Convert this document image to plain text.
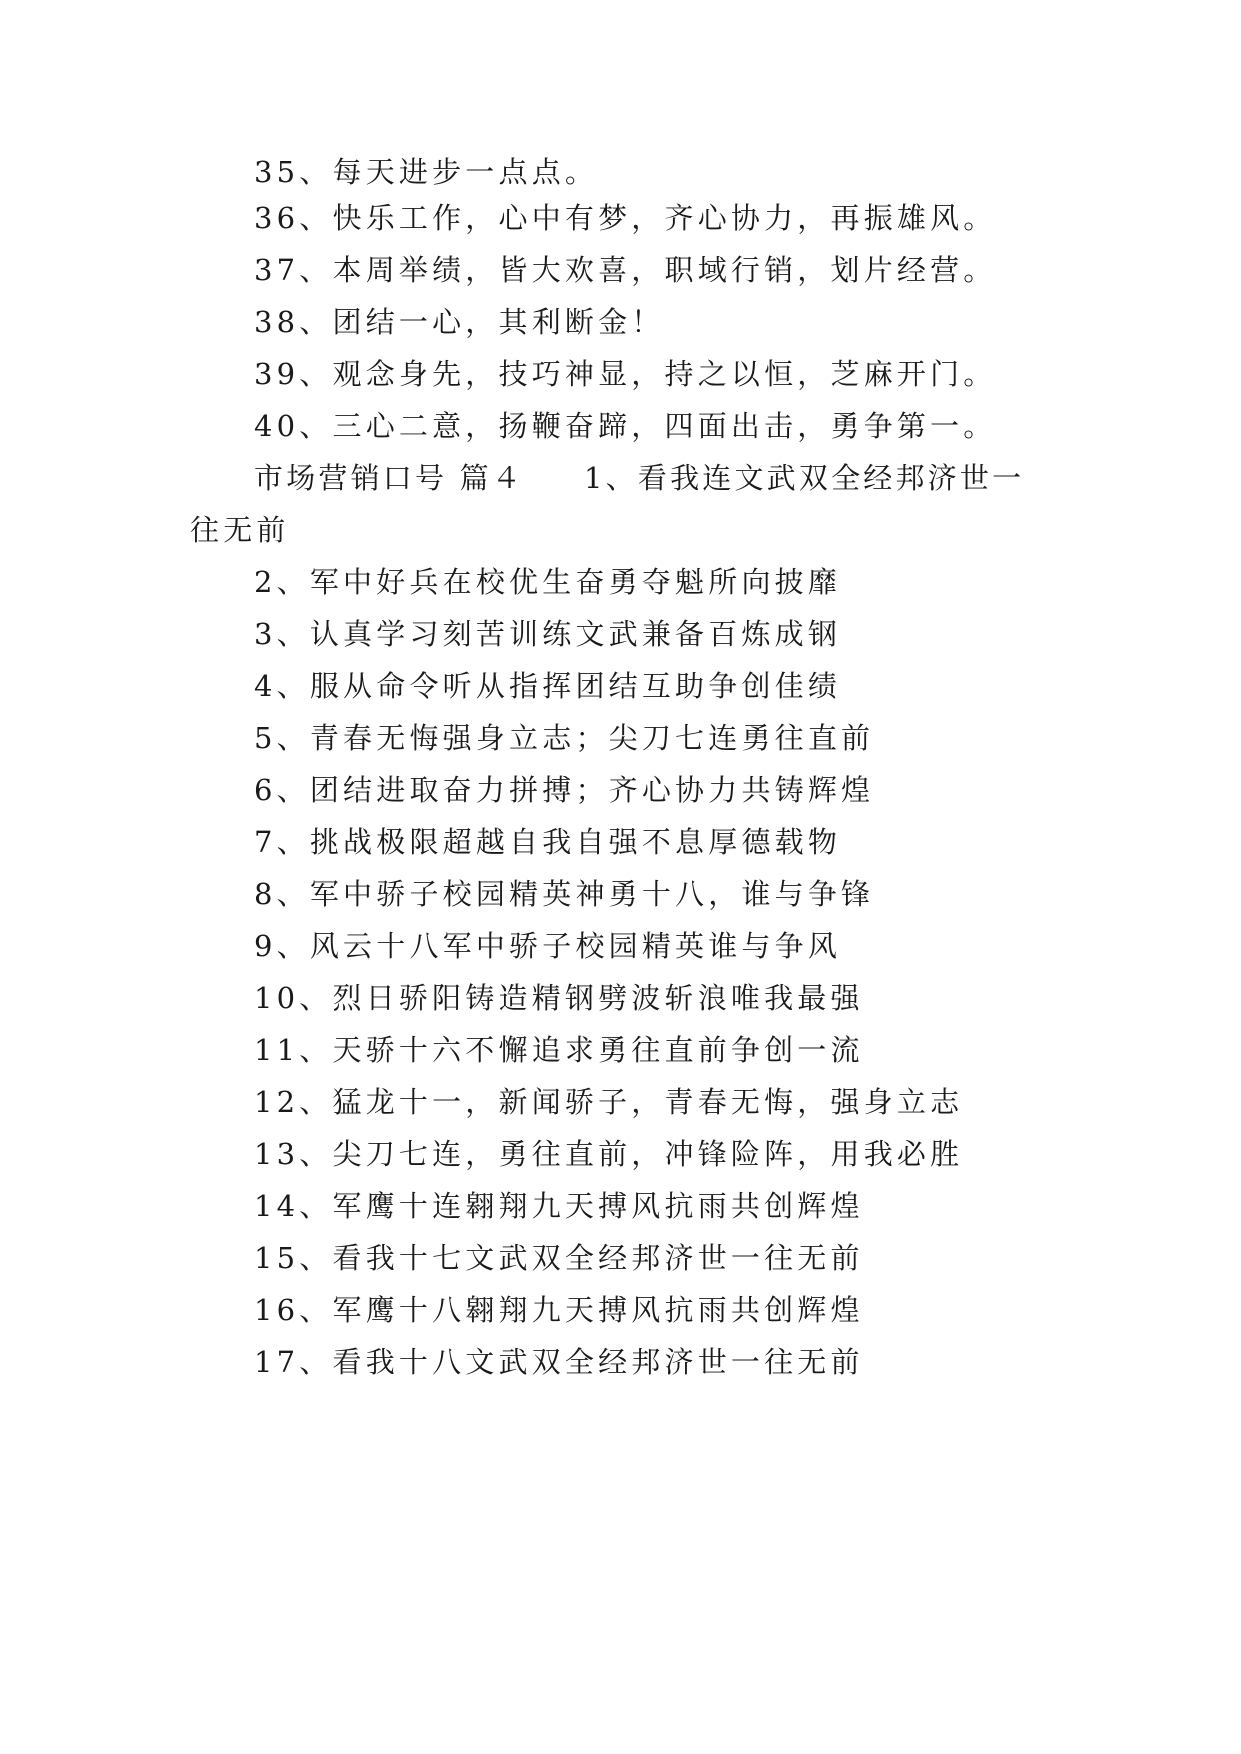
35、每天进步一点点。
36、快乐工作，心中有梦，齐心协力，再振雄风。
37、本周举绩，皆大欢喜，职域行销，划片经营。
38、团结一心，其利断金！
39、观念身先，技巧神显，持之以恒，芝麻开门。
40、三心二意，扬鞭奋蹄，四面出击，勇争第一。
市场营销口号 篇４ 1、看我连文武双全经邦济世一
往无前
2、军中好兵在校优生奋勇夺魁所向披靡
3、认真学习刻苦训练文武兼备百炼成钢
4、服从命令听从指挥团结互助争创佳绩
5、青春无悔强身立志；尖刀七连勇往直前
6、团结进取奋力拼搏；齐心协力共铸辉煌
7、挑战极限超越自我自强不息厚德载物
8、军中骄子校园精英神勇十八，谁与争锋
9、风云十八军中骄子校园精英谁与争风
10、烈日骄阳铸造精钢劈波斩浪唯我最强
11、天骄十六不懈追求勇往直前争创一流
12、猛龙十一，新闻骄子，青春无悔，强身立志
13、尖刀七连，勇往直前，冲锋险阵，用我必胜
14、军鹰十连翱翔九天搏风抗雨共创辉煌
15、看我十七文武双全经邦济世一往无前
16、军鹰十八翱翔九天搏风抗雨共创辉煌
17、看我十八文武双全经邦济世一往无前
